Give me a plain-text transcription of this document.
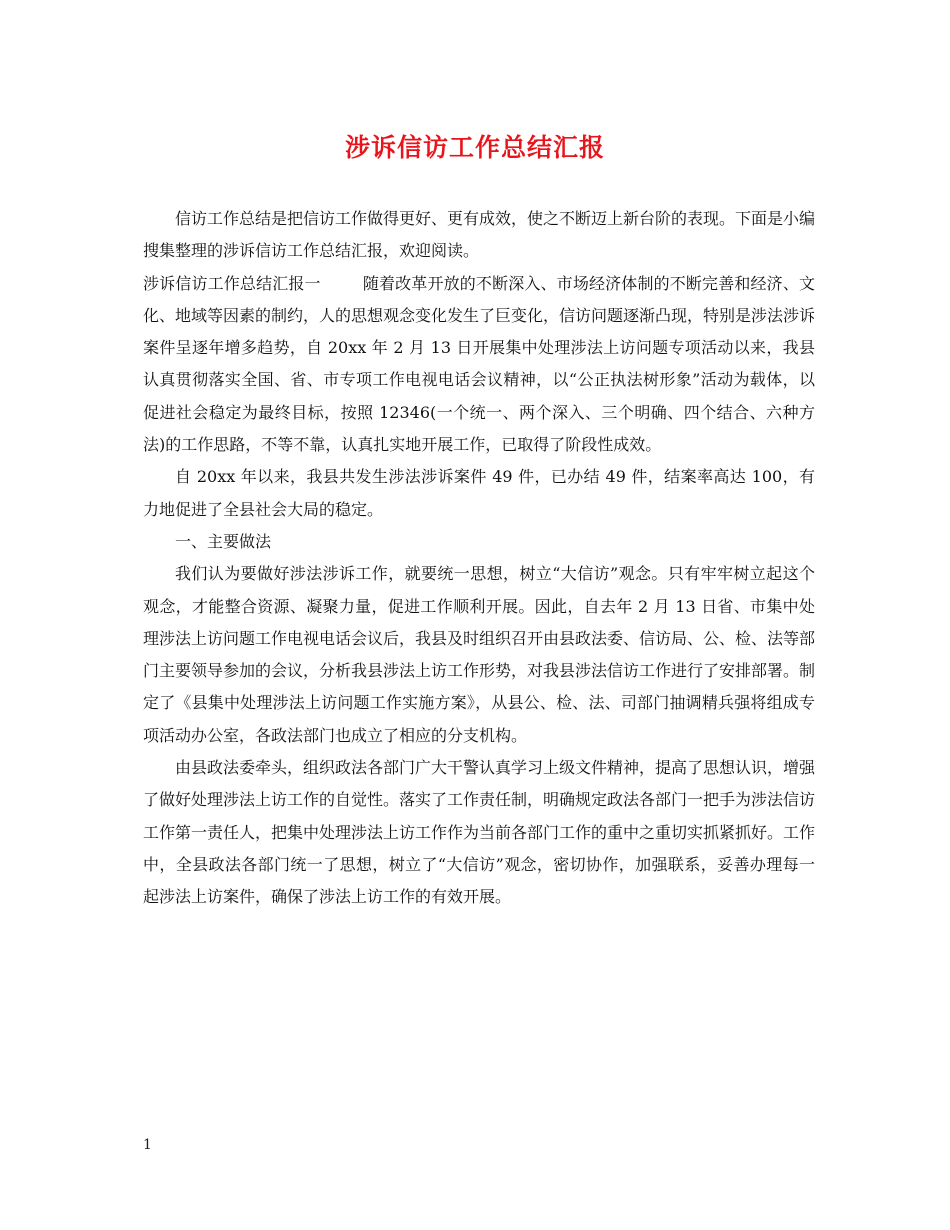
涉诉信访工作总结汇报

信访工作总结是把信访工作做得更好、更有成效，使之不断迈上新台阶的表现。下面是小编搜集整理的涉诉信访工作总结汇报，欢迎阅读。

涉诉信访工作总结汇报一	随着改革开放的不断深入、市场经济体制的不断完善和经济、文化、地域等因素的制约，人的思想观念变化发生了巨变化，信访问题逐渐凸现，特别是涉法涉诉案件呈逐年增多趋势，自 20xx 年 2 月 13 日开展集中处理涉法上访问题专项活动以来，我县认真贯彻落实全国、省、市专项工作电视电话会议精神，以“公正执法树形象”活动为载体，以促进社会稳定为最终目标，按照 12346(一个统一、两个深入、三个明确、四个结合、六种方法)的工作思路，不等不靠，认真扎实地开展工作，已取得了阶段性成效。

自 20xx 年以来，我县共发生涉法涉诉案件 49 件，已办结 49 件，结案率高达 100，有力地促进了全县社会大局的稳定。

一、主要做法

我们认为要做好涉法涉诉工作，就要统一思想，树立“大信访”观念。只有牢牢树立起这个观念，才能整合资源、凝聚力量，促进工作顺利开展。因此，自去年 2 月 13 日省、市集中处理涉法上访问题工作电视电话会议后，我县及时组织召开由县政法委、信访局、公、检、法等部门主要领导参加的会议，分析我县涉法上访工作形势，对我县涉法信访工作进行了安排部署。制定了《县集中处理涉法上访问题工作实施方案》，从县公、检、法、司部门抽调精兵强将组成专项活动办公室，各政法部门也成立了相应的分支机构。

由县政法委牵头，组织政法各部门广大干警认真学习上级文件精神，提高了思想认识，增强了做好处理涉法上访工作的自觉性。落实了工作责任制，明确规定政法各部门一把手为涉法信访工作第一责任人，把集中处理涉法上访工作作为当前各部门工作的重中之重切实抓紧抓好。工作中，全县政法各部门统一了思想，树立了“大信访”观念，密切协作，加强联系，妥善办理每一起涉法上访案件，确保了涉法上访工作的有效开展。

1
